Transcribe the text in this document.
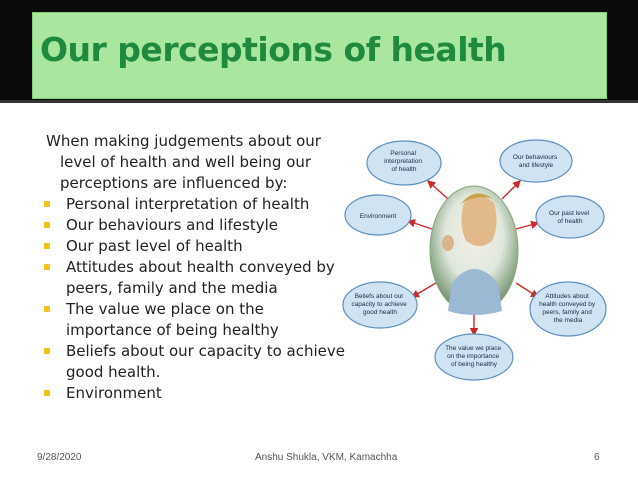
Our perceptions of health

When making judgements about our level of health and well being our perceptions are influenced by:

Personal interpretation of health
Our behaviours and lifestyle
Our past level of health
Attitudes about health conveyed by peers, family and the media
The value we place on the importance of being healthy
Beliefs about our capacity to achieve good health.
Environment
Personal interpretation of health
Our behaviours and lifestyle
Environment	Our past level of health
Beliefs about our capacity to achieve good health
Attitudes about health conveyed by peers, family and the media
The value we place on the importance of being healthy
9/28/2020	Anshu Shukla, VKM, Kamachha	6
